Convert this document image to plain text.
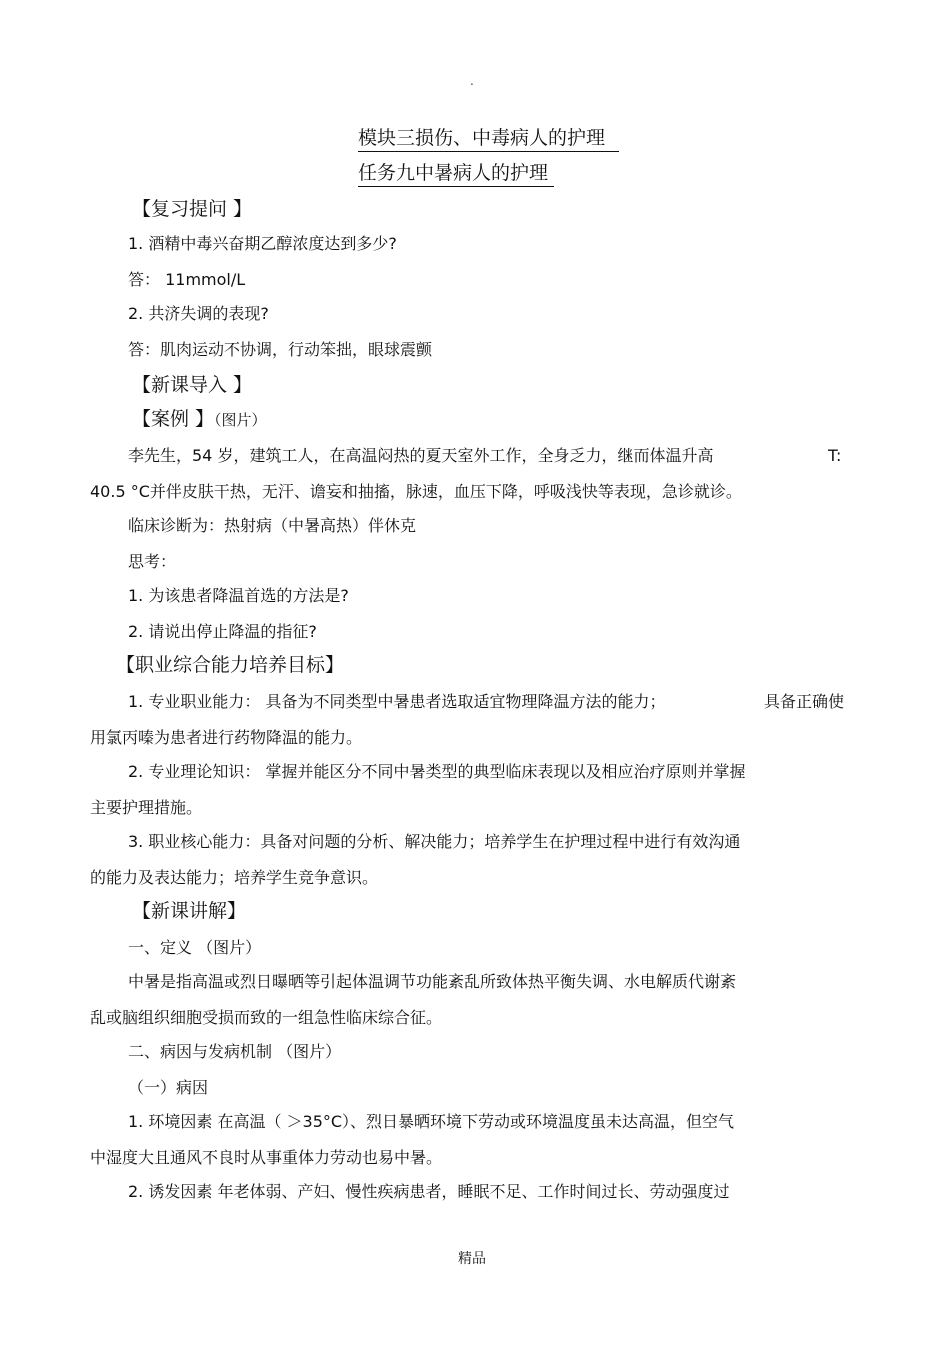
.
模块三损伤、中毒病人的护理
任务九中暑病人的护理
【复习提问 】
1. 酒精中毒兴奋期乙醇浓度达到多少?
答： 11mmol/L
2. 共济失调的表现?
答：肌肉运动不协调，行动笨拙，眼球震颤
【新课导入 】
【案例 】（图片）
李先生，54 岁，建筑工人，在高温闷热的夏天室外工作，全身乏力，继而体温升高	T:
40.5 °C并伴皮肤干热，无汗、谵妄和抽搐，脉速，血压下降，呼吸浅快等表现，急诊就诊。
临床诊断为：热射病（中暑高热）伴休克
思考：
1. 为该患者降温首选的方法是?
2. 请说出停止降温的指征?
【职业综合能力培养目标】
1. 专业职业能力： 具备为不同类型中暑患者选取适宜物理降温方法的能力；	具备正确使
用氯丙嗪为患者进行药物降温的能力。
2. 专业理论知识： 掌握并能区分不同中暑类型的典型临床表现以及相应治疗原则并掌握
主要护理措施。
3. 职业核心能力：具备对问题的分析、解决能力；培养学生在护理过程中进行有效沟通
的能力及表达能力；培养学生竞争意识。
【新课讲解】
一、定义 （图片）
中暑是指高温或烈日曝晒等引起体温调节功能紊乱所致体热平衡失调、水电解质代谢紊
乱或脑组织细胞受损而致的一组急性临床综合征。
二、病因与发病机制 （图片）
（一）病因
1. 环境因素 在高温（ ＞35°C）、烈日暴晒环境下劳动或环境温度虽未达高温，但空气
中湿度大且通风不良时从事重体力劳动也易中暑。
2. 诱发因素 年老体弱、产妇、慢性疾病患者，睡眠不足、工作时间过长、劳动强度过
精品
